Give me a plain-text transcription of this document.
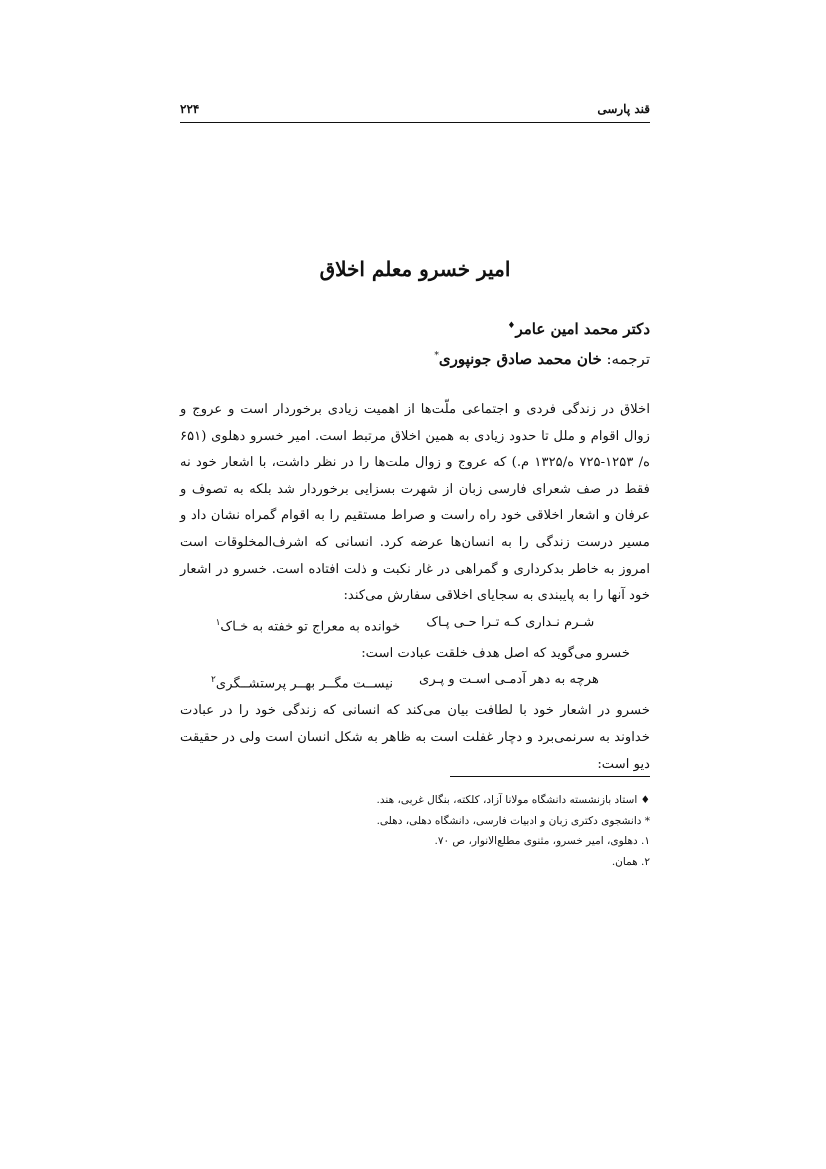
قند پارسی
۲۲۴
امیر خسرو معلم اخلاق
دکتر محمد امین عامر♦
ترجمه: خان محمد صادق جونپوری*

اخلاق در زندگی فردی و اجتماعی ملّت‌ها از اهمیت زیادی برخوردار است و عروج و زوال اقوام و ملل تا حدود زیادی به همین اخلاق مرتبط است. امیر خسرو دهلوی (۶۵۱ ه/ ۱۲۵۳-۷۲۵ ه/۱۳۲۵ م.) که عروج و زوال ملت‌ها را در نظر داشت، با اشعار خود نه فقط در صف شعرای فارسی زبان از شهرت بسزایی برخوردار شد بلکه به تصوف و عرفان و اشعار اخلاقی خود راه راست و صراط مستقیم را به اقوام گمراه نشان داد و مسیر درست زندگی را به انسان‌ها عرضه کرد. انسانی که اشرف‌المخلوقات است امروز به خاطر بدکرداری و گمراهی در غار نکبت و ذلت افتاده است. خسرو در اشعار خود آنها را به پایبندی به سجایای اخلاقی سفارش می‌کند:

شـرم نـداری کـه تـرا حـی پـاک
خوانده به معراج تو خفته به خـاک$^۱$

خسرو می‌گوید که اصل هدف خلقت عبادت است:

هرچه به دهر آدمـی اسـت و پـری
نیســت مگــر بهــر پرستشــگری$^۲$

خسرو در اشعار خود با لطافت بیان می‌کند که انسانی که زندگی خود را در عبادت خداوند به سرنمی‌برد و دچار غفلت است به ظاهر به شکل انسان است ولی در حقیقت دیو است:

♦ استاد بازنشسته دانشگاه مولانا آزاد، کلکته، بنگال غربی، هند.
* دانشجوی دکتری زبان و ادبیات فارسی، دانشگاه دهلی، دهلی.
۱. دهلوی، امیر خسرو، مثنوی مطلع‌الانوار، ص ۷۰.
۲. همان.
